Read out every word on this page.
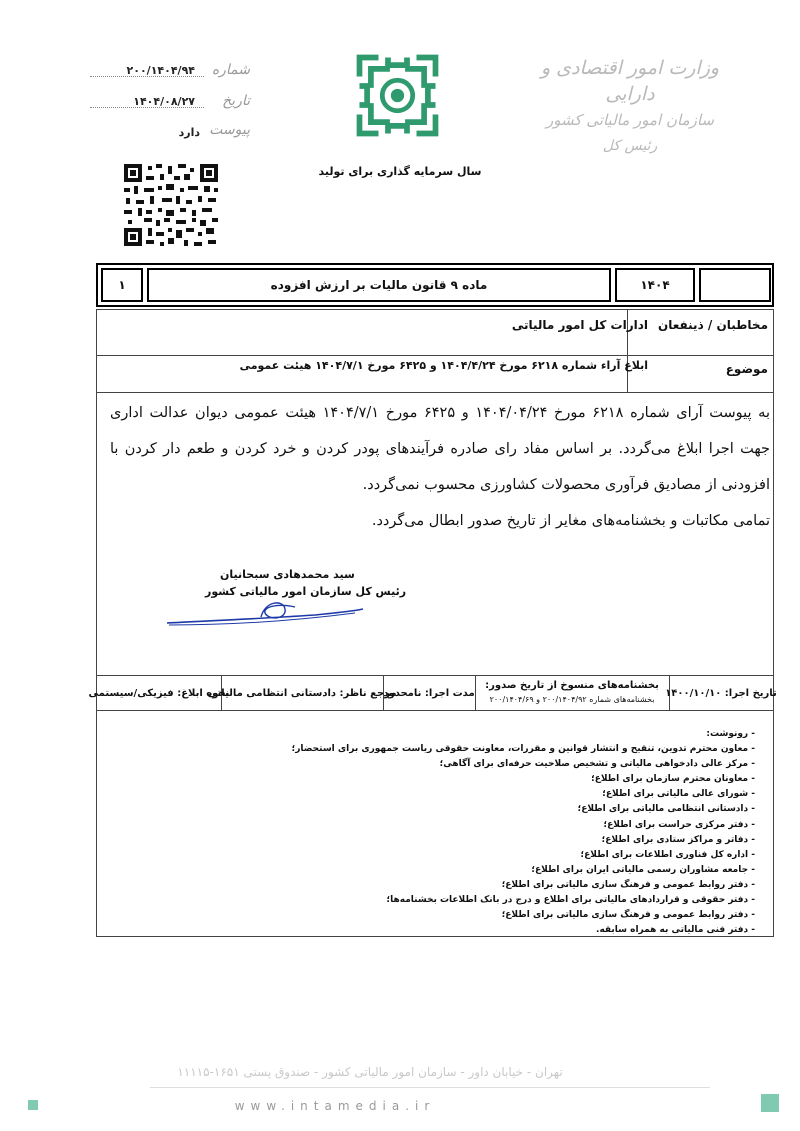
وزارت امور اقتصادی و دارایی
سازمان امور مالیاتی کشور
رئیس کل
سال سرمایه گذاری برای تولید
شماره
۲۰۰/۱۴۰۴/۹۴
تاریخ
۱۴۰۴/۰۸/۲۷
پیوست
دارد
۱	ماده ۹ قانون مالیات بر ارزش افزوده	۱۴۰۴
مخاطبان / ذینفعان
ادارات کل امور مالیاتی
موضوع
ابلاغ آراء شماره ۶۲۱۸ مورخ ۱۴۰۴/۴/۲۴ و ۶۴۲۵ مورخ ۱۴۰۴/۷/۱ هیئت عمومی

به پیوست آرای شماره ۶۲۱۸ مورخ ۱۴۰۴/۰۴/۲۴ و ۶۴۲۵ مورخ ۱۴۰۴/۷/۱ هیئت عمومی دیوان عدالت اداری جهت اجرا ابلاغ می‌گردد. بر اساس مفاد رای صادره فرآیندهای پودر کردن و خرد کردن و طعم دار کردن با افزودنی از مصادیق فرآوری محصولات کشاورزی محسوب نمی‌گردد.

تمامی مکاتبات و بخشنامه‌های مغایر از تاریخ صدور ابطال می‌گردد.

سید محمدهادی سبحانیان
رئیس کل سازمان امور مالیاتی کشور
تاریخ اجرا: ۱۴۰۰/۱۰/۱۰
بخشنامه‌های منسوخ از تاریخ صدور:
بخشنامه‌های شماره ۲۰۰/۱۴۰۴/۹۲ و ۲۰۰/۱۴۰۴/۶۹
مدت اجرا: نامحدود
مرجع ناظر: دادستانی انتظامی مالیاتی
نحوه ابلاغ: فیزیکی/سیستمی
- رونوشت:
- معاون محترم تدوین، تنقیح و انتشار قوانین و مقررات، معاونت حقوقی ریاست جمهوری برای استحضار؛
- مرکز عالی دادخواهی مالیاتی و تشخیص صلاحیت حرفه‌ای برای آگاهی؛
- معاونان محترم سازمان برای اطلاع؛
- شورای عالی مالیاتی برای اطلاع؛
- دادستانی انتظامی مالیاتی برای اطلاع؛
- دفتر مرکزی حراست برای اطلاع؛
- دفاتر و مراکز ستادی برای اطلاع؛
- اداره کل فناوری اطلاعات برای اطلاع؛
- جامعه مشاوران رسمی مالیاتی ایران برای اطلاع؛
- دفتر روابط عمومی و فرهنگ سازی مالیاتی برای اطلاع؛
- دفتر حقوقی و قراردادهای مالیاتی برای اطلاع و درج در بانک اطلاعات بخشنامه‌ها؛
- دفتر روابط عمومی و فرهنگ سازی مالیاتی برای اطلاع؛
- دفتر فنی مالیاتی به همراه سابقه.
تهران - خیابان داور - سازمان امور مالیاتی کشور - صندوق پستی ۱۶۵۱-۱۱۱۱۵
www.intamedia.ir
